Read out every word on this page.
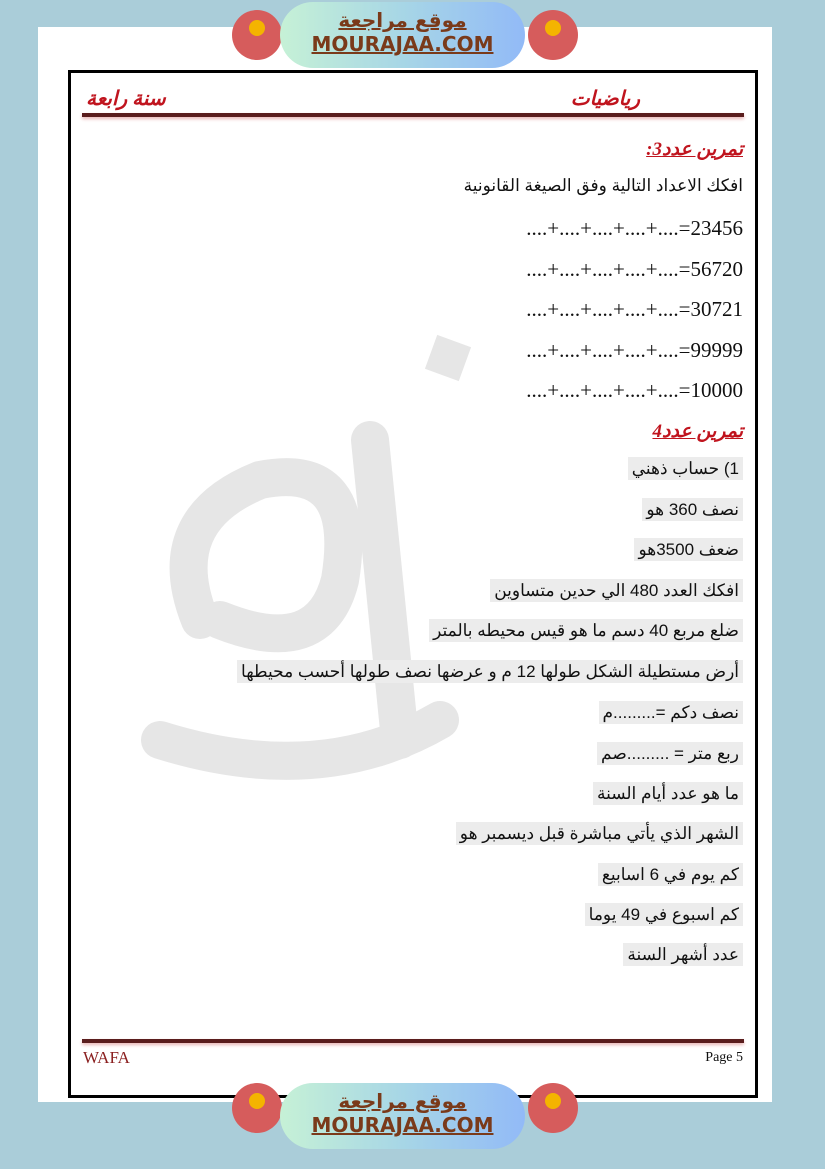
سنة رابعة	رياضيات
تمرين عدد3:
افكك الاعداد التالية وفق الصيغة القانونية
....+....+....+....+....=23456
....+....+....+....+....=56720
....+....+....+....+....=30721
....+....+....+....+....=99999
....+....+....+....+....=10000
تمرين عدد4
1) حساب ذهني
نصف 360 هو
ضعف 3500هو
افكك العدد 480 الي حدين متساوين
ضلع مربع 40 دسم ما هو قيس محيطه بالمتر
أرض مستطيلة الشكل طولها 12 م و عرضها نصف طولها أحسب محيطها
نصف دكم =.........م
ربع متر = .........صم
ما هو عدد أيام السنة
الشهر الذي يأتي مباشرة قبل ديسمبر هو
كم يوم في 6 اسابيع
كم اسبوع في 49 يوما
عدد أشهر السنة
WAFA	Page 5
موقع مراجعة
MOURAJAA.COM
موقع مراجعة
MOURAJAA.COM
